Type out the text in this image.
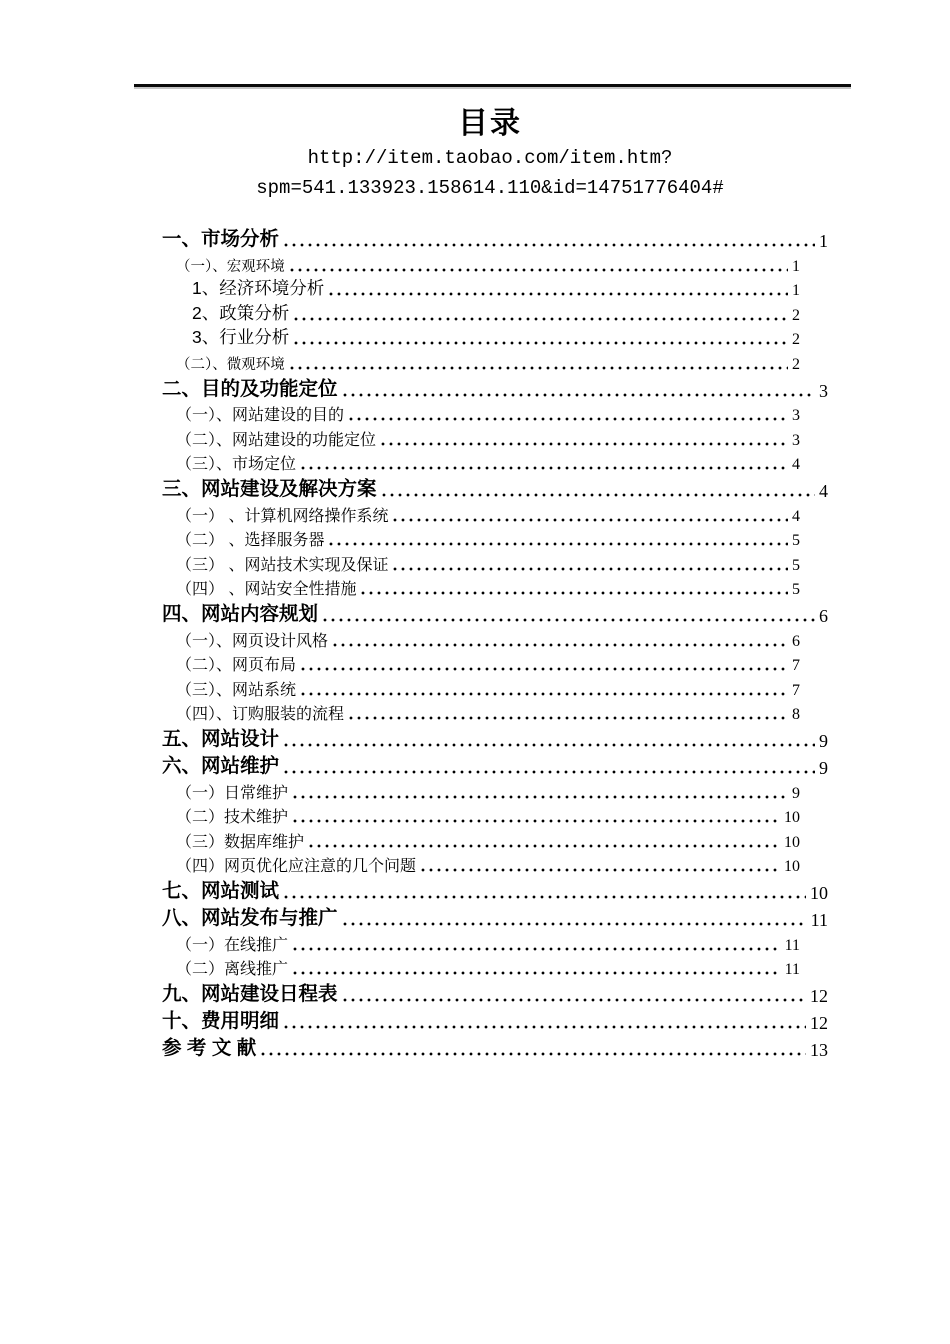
目录
http://item.taobao.com/item.htm?
spm=541.133923.158614.110&id=14751776404#
一、市场分析	1
（一）、宏观环境	1
1、经济环境分析	1
2、政策分析	2
3、行业分析	2
（二）、微观环境	2
二、目的及功能定位	3
（一）、网站建设的目的	3
（二）、网站建设的功能定位	3
（三）、市场定位	4
三、网站建设及解决方案	4
（一） 、计算机网络操作系统	4
（二） 、选择服务器	5
（三） 、网站技术实现及保证	5
（四） 、网站安全性措施	5
四、网站内容规划	6
（一）、网页设计风格	6
（二）、网页布局	7
（三）、网站系统	7
（四）、订购服装的流程	8
五、网站设计	9
六、网站维护	9
（一）日常维护	9
（二）技术维护	10
（三）数据库维护	10
（四）网页优化应注意的几个问题	10
七、网站测试	10
八、网站发布与推广	11
（一）在线推广	11
（二）离线推广	11
九、网站建设日程表	12
十、费用明细	12
参 考 文 献	13
